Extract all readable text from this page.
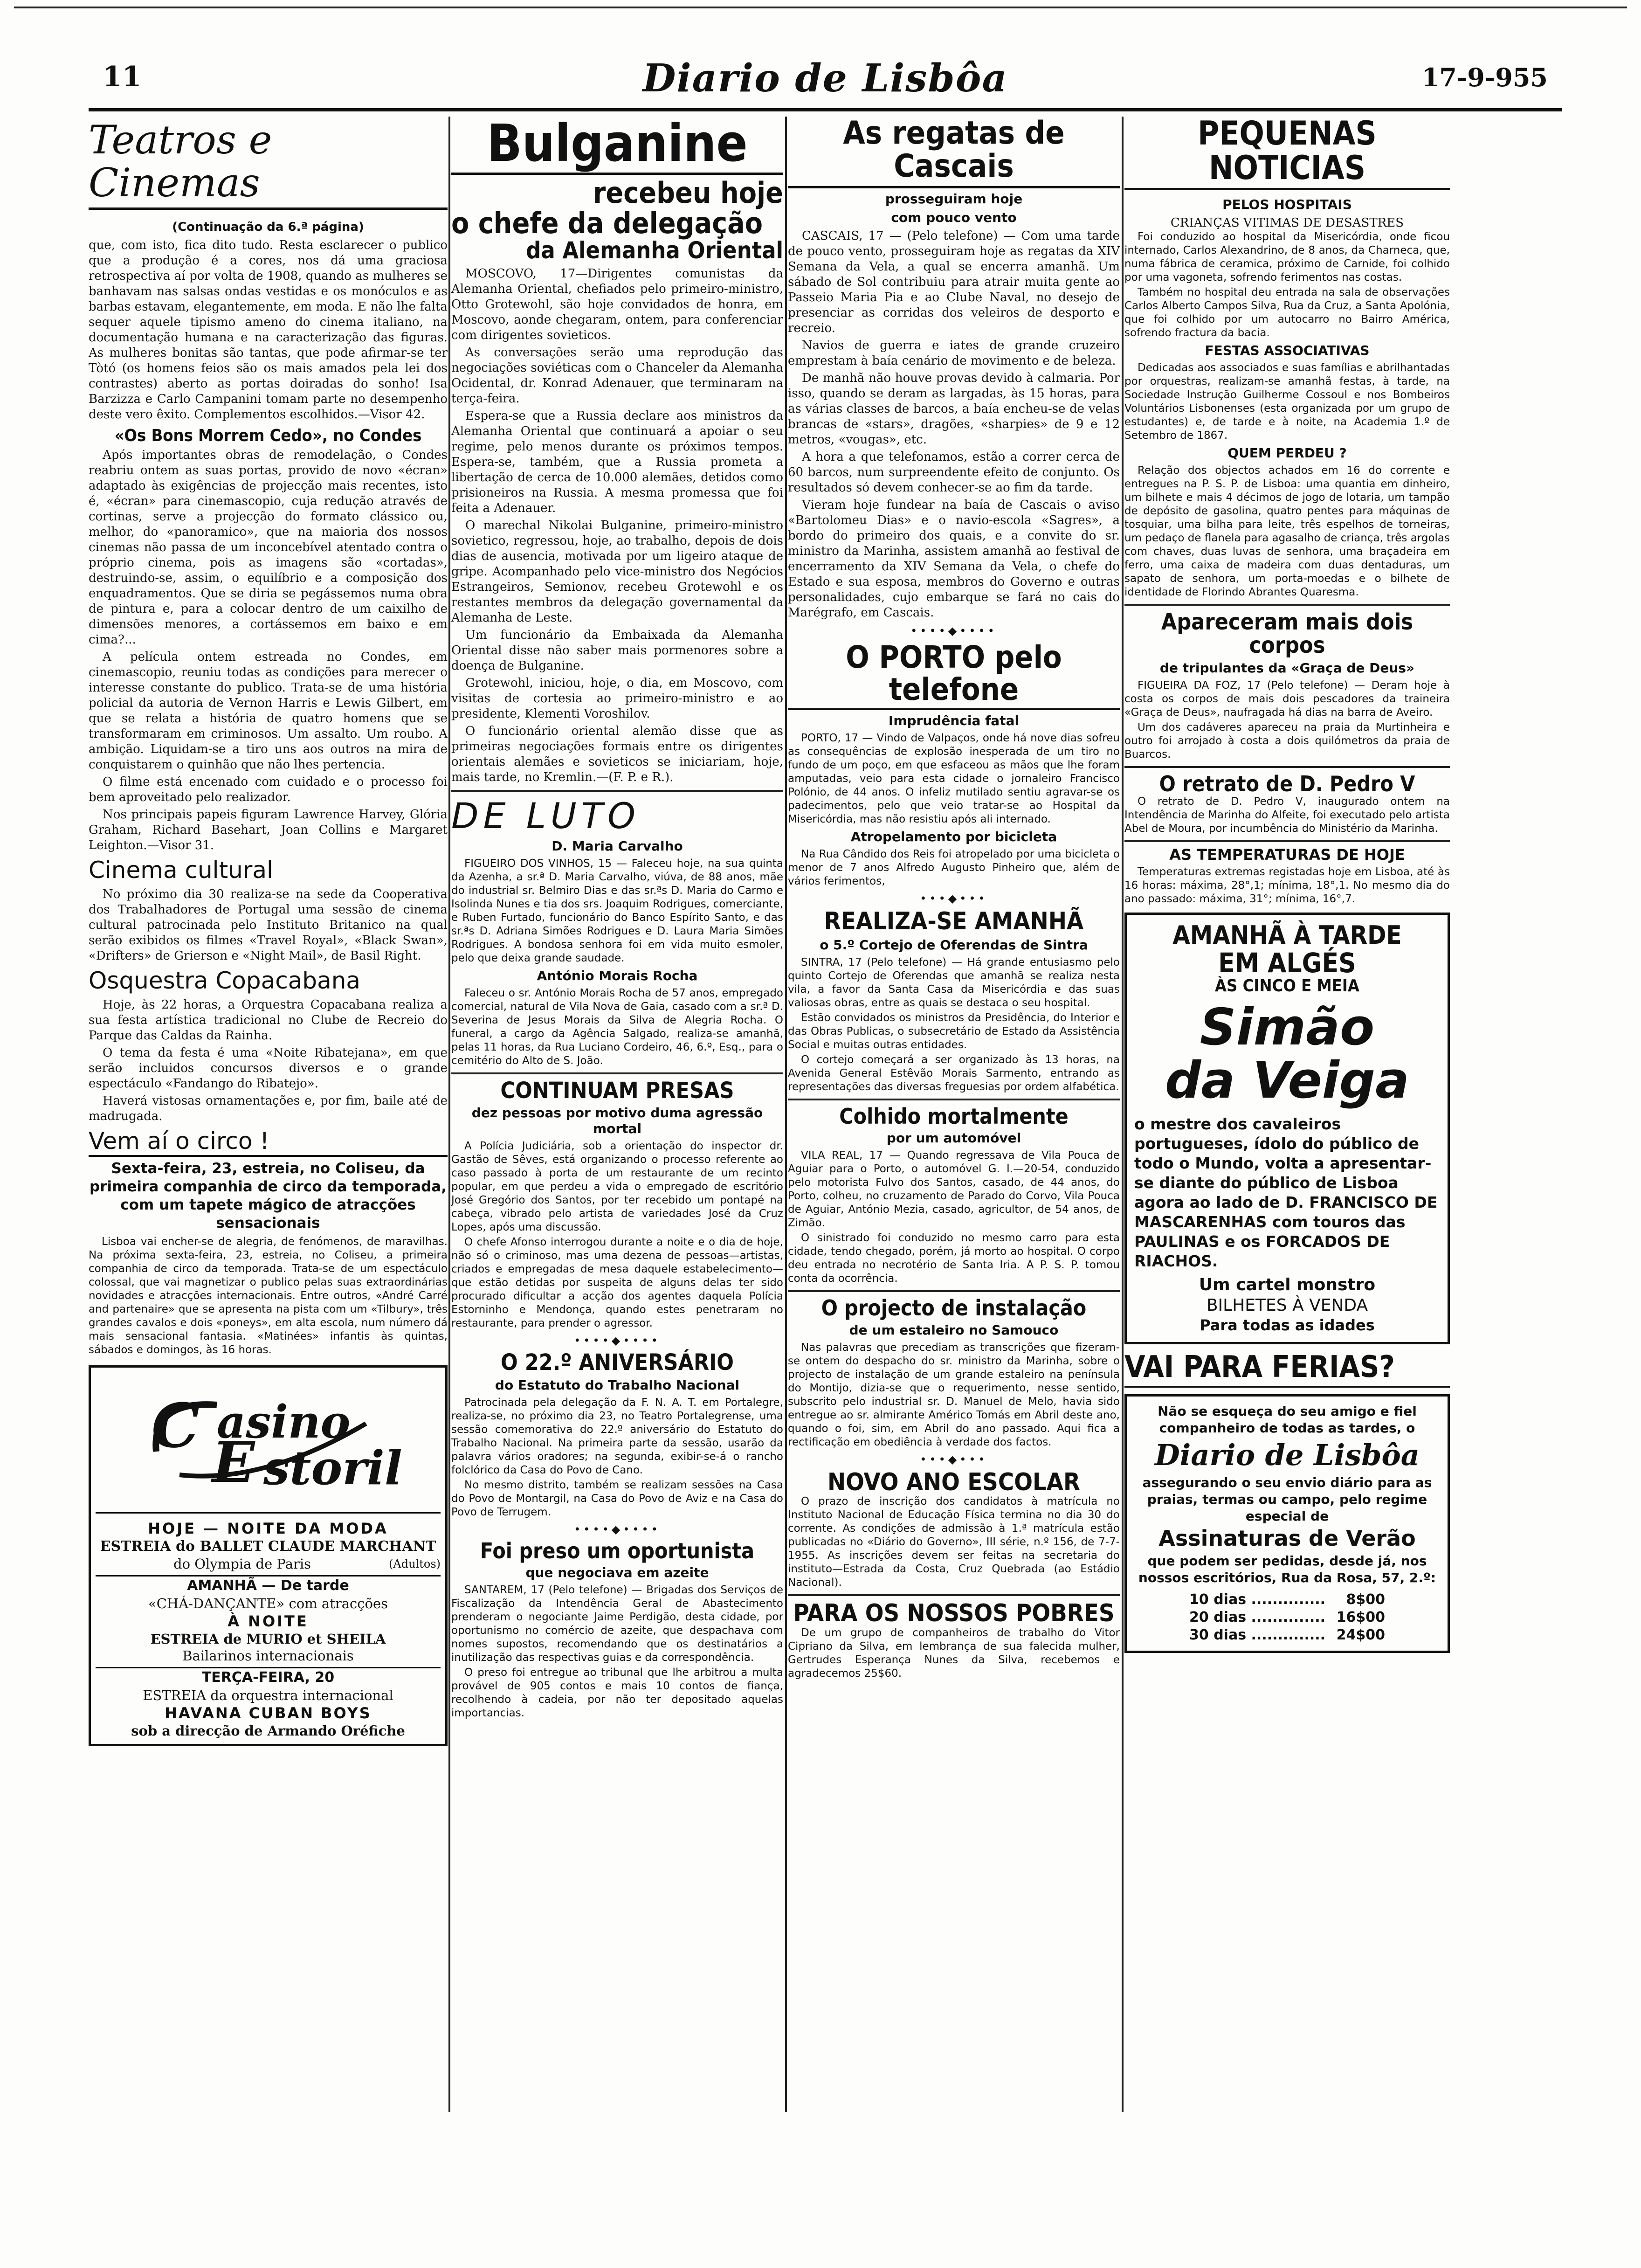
11	Diario de Lisbôa	17-9-955
Teatros e Cinemas
(Continuação da 6.ª página)

que, com isto, fica dito tudo. Resta esclarecer o publico que a produção é a cores, nos dá uma graciosa retrospectiva aí por volta de 1908, quando as mulheres se banhavam nas salsas ondas vestidas e os monóculos e as barbas estavam, elegantemente, em moda. E não lhe falta sequer aquele tipismo ameno do cinema italiano, na documentação humana e na caracterização das figuras. As mulheres bonitas são tantas, que pode afirmar-se ter Tòtó (os homens feios são os mais amados pela lei dos contrastes) aberto as portas doiradas do sonho! Isa Barzizza e Carlo Campanini tomam parte no desempenho deste vero êxito. Complementos escolhidos.—Visor 42.

«Os Bons Morrem Cedo», no Condes

Após importantes obras de remodelação, o Condes reabriu ontem as suas portas, provido de novo «écran» adaptado às exigências de projecção mais recentes, isto é, «écran» para cinemascopio, cuja redução através de cortinas, serve a projecção do formato clássico ou, melhor, do «panoramico», que na maioria dos nossos cinemas não passa de um inconcebível atentado contra o próprio cinema, pois as imagens são «cortadas», destruindo-se, assim, o equilíbrio e a composição dos enquadramentos. Que se diria se pegássemos numa obra de pintura e, para a colocar dentro de um caixilho de dimensões menores, a cortássemos em baixo e em cima?...

A película ontem estreada no Condes, em cinemascopio, reuniu todas as condições para merecer o interesse constante do publico. Trata-se de uma história policial da autoria de Vernon Harris e Lewis Gilbert, em que se relata a história de quatro homens que se transformaram em criminosos. Um assalto. Um roubo. A ambição. Liquidam-se a tiro uns aos outros na mira de conquistarem o quinhão que não lhes pertencia.

O filme está encenado com cuidado e o processo foi bem aproveitado pelo realizador.

Nos principais papeis figuram Lawrence Harvey, Glória Graham, Richard Basehart, Joan Collins e Margaret Leighton.—Visor 31.

Cinema cultural

No próximo dia 30 realiza-se na sede da Cooperativa dos Trabalhadores de Portugal uma sessão de cinema cultural patrocinada pelo Instituto Britanico na qual serão exibidos os filmes «Travel Royal», «Black Swan», «Drifters» de Grierson e «Night Mail», de Basil Right.

Osquestra Copacabana

Hoje, às 22 horas, a Orquestra Copacabana realiza a sua festa artística tradicional no Clube de Recreio do Parque das Caldas da Rainha.

O tema da festa é uma «Noite Ribatejana», em que serão incluidos concursos diversos e o grande espectáculo «Fandango do Ribatejo».

Haverá vistosas ornamentações e, por fim, baile até de madrugada.

Vem aí o circo !
Sexta-feira, 23, estreia, no Coliseu, da primeira companhia de circo da temporada, com um tapete mágico de atracções sensacionais

Lisboa vai encher-se de alegria, de fenómenos, de maravilhas. Na próxima sexta-feira, 23, estreia, no Coliseu, a primeira companhia de circo da temporada. Trata-se de um espectáculo colossal, que vai magnetizar o publico pelas suas extraordinárias novidades e atracções internacionais. Entre outros, «André Carré and partenaire» que se apresenta na pista com um «Tilbury», três grandes cavalos e dois «poneys», em alta escola, num número dá mais sensacional fantasia. «Matinées» infantis às quintas, sábados e domingos, às 16 horas.

asino
storil
E
C
HOJE — NOITE DA MODA
ESTREIA do BALLET CLAUDE MARCHANT
do Olympia de Paris	(Adultos)
AMANHÃ — De tarde
«CHÁ-DANÇANTE» com atracções
À NOITE
ESTREIA de MURIO et SHEILA
Bailarinos internacionais
TERÇA-FEIRA, 20
ESTREIA da orquestra internacional
HAVANA CUBAN BOYS
sob a direcção de Armando Oréfiche
Bulganine
recebeu hoje
o chefe da delegação
da Alemanha Oriental

MOSCOVO, 17—Dirigentes comunistas da Alemanha Oriental, chefiados pelo primeiro-ministro, Otto Grotewohl, são hoje convidados de honra, em Moscovo, aonde chegaram, ontem, para conferenciar com dirigentes sovieticos.

As conversações serão uma reprodução das negociações soviéticas com o Chanceler da Alemanha Ocidental, dr. Konrad Adenauer, que terminaram na terça-feira.

Espera-se que a Russia declare aos ministros da Alemanha Oriental que continuará a apoiar o seu regime, pelo menos durante os próximos tempos. Espera-se, também, que a Russia prometa a libertação de cerca de 10.000 alemães, detidos como prisioneiros na Russia. A mesma promessa que foi feita a Adenauer.

O marechal Nikolai Bulganine, primeiro-ministro sovietico, regressou, hoje, ao trabalho, depois de dois dias de ausencia, motivada por um ligeiro ataque de gripe. Acompanhado pelo vice-ministro dos Negócios Estrangeiros, Semionov, recebeu Grotewohl e os restantes membros da delegação governamental da Alemanha de Leste.

Um funcionário da Embaixada da Alemanha Oriental disse não saber mais pormenores sobre a doença de Bulganine.

Grotewohl, iniciou, hoje, o dia, em Moscovo, com visitas de cortesia ao primeiro-ministro e ao presidente, Klementi Voroshilov.

O funcionário oriental alemão disse que as primeiras negociações formais entre os dirigentes orientais alemães e sovieticos se iniciariam, hoje, mais tarde, no Kremlin.—(F. P. e R.).

DE LUTO
D. Maria Carvalho

FIGUEIRO DOS VINHOS, 15 — Faleceu hoje, na sua quinta da Azenha, a sr.ª D. Maria Carvalho, viúva, de 88 anos, mãe do industrial sr. Belmiro Dias e das sr.ªs D. Maria do Carmo e Isolinda Nunes e tia dos srs. Joaquim Rodrigues, comerciante, e Ruben Furtado, funcionário do Banco Espírito Santo, e das sr.ªs D. Adriana Simões Rodrigues e D. Laura Maria Simões Rodrigues. A bondosa senhora foi em vida muito esmoler, pelo que deixa grande saudade.

António Morais Rocha

Faleceu o sr. António Morais Rocha de 57 anos, empregado comercial, natural de Vila Nova de Gaia, casado com a sr.ª D. Severina de Jesus Morais da Silva de Alegria Rocha. O funeral, a cargo da Agência Salgado, realiza-se amanhã, pelas 11 horas, da Rua Luciano Cordeiro, 46, 6.º, Esq., para o cemitério do Alto de S. João.

CONTINUAM PRESAS
dez pessoas por motivo duma agressão mortal

A Polícia Judiciária, sob a orientação do inspector dr. Gastão de Sêves, está organizando o processo referente ao caso passado à porta de um restaurante de um recinto popular, em que perdeu a vida o empregado de escritório José Gregório dos Santos, por ter recebido um pontapé na cabeça, vibrado pelo artista de variedades José da Cruz Lopes, após uma discussão.

O chefe Afonso interrogou durante a noite e o dia de hoje, não só o criminoso, mas uma dezena de pessoas—artistas, criados e empregadas de mesa daquele estabelecimento—que estão detidas por suspeita de alguns delas ter sido procurado dificultar a acção dos agentes daquela Polícia Estorninho e Mendonça, quando estes penetraram no restaurante, para prender o agressor.

••••◆••••
O 22.º ANIVERSÁRIO
do Estatuto do Trabalho Nacional

Patrocinada pela delegação da F. N. A. T. em Portalegre, realiza-se, no próximo dia 23, no Teatro Portalegrense, uma sessão comemorativa do 22.º aniversário do Estatuto do Trabalho Nacional. Na primeira parte da sessão, usarão da palavra vários oradores; na segunda, exibir-se-á o rancho folclórico da Casa do Povo de Cano.

No mesmo distrito, também se realizam sessões na Casa do Povo de Montargil, na Casa do Povo de Aviz e na Casa do Povo de Terrugem.

••••◆••••
Foi preso um oportunista
que negociava em azeite

SANTAREM, 17 (Pelo telefone) — Brigadas dos Serviços de Fiscalização da Intendência Geral de Abastecimento prenderam o negociante Jaime Perdigão, desta cidade, por oportunismo no comércio de azeite, que despachava com nomes supostos, recomendando que os destinatários a inutilização das respectivas guias e da correspondência.

O preso foi entregue ao tribunal que lhe arbitrou a multa provável de 905 contos e mais 10 contos de fiança, recolhendo à cadeia, por não ter depositado aquelas importancias.

As regatas de Cascais
prosseguiram hoje
com pouco vento

CASCAIS, 17 — (Pelo telefone) — Com uma tarde de pouco vento, prosseguiram hoje as regatas da XIV Semana da Vela, a qual se encerra amanhã. Um sábado de Sol contribuiu para atrair muita gente ao Passeio Maria Pia e ao Clube Naval, no desejo de presenciar as corridas dos veleiros de desporto e recreio.

Navios de guerra e iates de grande cruzeiro emprestam à baía cenário de movimento e de beleza.

De manhã não houve provas devido à calmaria. Por isso, quando se deram as largadas, às 15 horas, para as várias classes de barcos, a baía encheu-se de velas brancas de «stars», dragões, «sharpies» de 9 e 12 metros, «vougas», etc.

A hora a que telefonamos, estão a correr cerca de 60 barcos, num surpreendente efeito de conjunto. Os resultados só devem conhecer-se ao fim da tarde.

Vieram hoje fundear na baía de Cascais o aviso «Bartolomeu Dias» e o navio-escola «Sagres», a bordo do primeiro dos quais, e a convite do sr. ministro da Marinha, assistem amanhã ao festival de encerramento da XIV Semana da Vela, o chefe do Estado e sua esposa, membros do Governo e outras personalidades, cujo embarque se fará no cais do Marégrafo, em Cascais.

••••◆••••
O PORTO pelo telefone
Imprudência fatal

PORTO, 17 — Vindo de Valpaços, onde há nove dias sofreu as consequências de explosão inesperada de um tiro no fundo de um poço, em que esfaceou as mãos que lhe foram amputadas, veio para esta cidade o jornaleiro Francisco Polónio, de 44 anos. O infeliz mutilado sentiu agravar-se os padecimentos, pelo que veio tratar-se ao Hospital da Misericórdia, mas não resistiu após ali internado.

Atropelamento por bicicleta

Na Rua Cândido dos Reis foi atropelado por uma bicicleta o menor de 7 anos Alfredo Augusto Pinheiro que, além de vários ferimentos,

•••◆•••
REALIZA-SE AMANHÃ
o 5.º Cortejo de Oferendas de Sintra

SINTRA, 17 (Pelo telefone) — Há grande entusiasmo pelo quinto Cortejo de Oferendas que amanhã se realiza nesta vila, a favor da Santa Casa da Misericórdia e das suas valiosas obras, entre as quais se destaca o seu hospital.

Estão convidados os ministros da Presidência, do Interior e das Obras Publicas, o subsecretário de Estado da Assistência Social e muitas outras entidades.

O cortejo começará a ser organizado às 13 horas, na Avenida General Estêvão Morais Sarmento, entrando as representações das diversas freguesias por ordem alfabética.

Colhido mortalmente
por um automóvel

VILA REAL, 17 — Quando regressava de Vila Pouca de Aguiar para o Porto, o automóvel G. I.—20-54, conduzido pelo motorista Fulvo dos Santos, casado, de 44 anos, do Porto, colheu, no cruzamento de Parado do Corvo, Vila Pouca de Aguiar, António Mezia, casado, agricultor, de 54 anos, de Zimão.

O sinistrado foi conduzido no mesmo carro para esta cidade, tendo chegado, porém, já morto ao hospital. O corpo deu entrada no necrotério de Santa Iria. A P. S. P. tomou conta da ocorrência.

O projecto de instalação
de um estaleiro no Samouco

Nas palavras que precediam as transcrições que fizeram-se ontem do despacho do sr. ministro da Marinha, sobre o projecto de instalação de um grande estaleiro na península do Montijo, dizia-se que o requerimento, nesse sentido, subscrito pelo industrial sr. D. Manuel de Melo, havia sido entregue ao sr. almirante Américo Tomás em Abril deste ano, quando o foi, sim, em Abril do ano passado. Aqui fica a rectificação em obediência à verdade dos factos.

•••◆•••
NOVO ANO ESCOLAR

O prazo de inscrição dos candidatos à matrícula no Instituto Nacional de Educação Física termina no dia 30 do corrente. As condições de admissão à 1.ª matrícula estão publicadas no «Diário do Governo», III série, n.º 156, de 7-7-1955. As inscrições devem ser feitas na secretaria do instituto—Estrada da Costa, Cruz Quebrada (ao Estádio Nacional).

PARA OS NOSSOS POBRES

De um grupo de companheiros de trabalho do Vitor Cipriano da Silva, em lembrança de sua falecida mulher, Gertrudes Esperança Nunes da Silva, recebemos e agradecemos 25$60.

PEQUENAS NOTICIAS
PELOS HOSPITAIS
CRIANÇAS VITIMAS DE DESASTRES

Foi conduzido ao hospital da Misericórdia, onde ficou internado, Carlos Alexandrino, de 8 anos, da Charneca, que, numa fábrica de ceramica, próximo de Carnide, foi colhido por uma vagoneta, sofrendo ferimentos nas costas.

Também no hospital deu entrada na sala de observações Carlos Alberto Campos Silva, Rua da Cruz, a Santa Apolónia, que foi colhido por um autocarro no Bairro América, sofrendo fractura da bacia.

FESTAS ASSOCIATIVAS

Dedicadas aos associados e suas famílias e abrilhantadas por orquestras, realizam-se amanhã festas, à tarde, na Sociedade Instrução Guilherme Cossoul e nos Bombeiros Voluntários Lisbonenses (esta organizada por um grupo de estudantes) e, de tarde e à noite, na Academia 1.º de Setembro de 1867.

QUEM PERDEU ?

Relação dos objectos achados em 16 do corrente e entregues na P. S. P. de Lisboa: uma quantia em dinheiro, um bilhete e mais 4 décimos de jogo de lotaria, um tampão de depósito de gasolina, quatro pentes para máquinas de tosquiar, uma bilha para leite, três espelhos de torneiras, um pedaço de flanela para agasalho de criança, três argolas com chaves, duas luvas de senhora, uma braçadeira em ferro, uma caixa de madeira com duas dentaduras, um sapato de senhora, um porta-moedas e o bilhete de identidade de Florindo Abrantes Quaresma.

Apareceram mais dois corpos
de tripulantes da «Graça de Deus»

FIGUEIRA DA FOZ, 17 (Pelo telefone) — Deram hoje à costa os corpos de mais dois pescadores da traineira «Graça de Deus», naufragada há dias na barra de Aveiro.

Um dos cadáveres apareceu na praia da Murtinheira e outro foi arrojado à costa a dois quilómetros da praia de Buarcos.

O retrato de D. Pedro V

O retrato de D. Pedro V, inaugurado ontem na Intendência de Marinha do Alfeite, foi executado pelo artista Abel de Moura, por incumbência do Ministério da Marinha.

AS TEMPERATURAS DE HOJE

Temperaturas extremas registadas hoje em Lisboa, até às 16 horas: máxima, 28°,1; mínima, 18°,1. No mesmo dia do ano passado: máxima, 31°; mínima, 16°,7.

AMANHÃ À TARDE
EM ALGÉS
ÀS CINCO E MEIA
Simão
da Veiga
o mestre dos cavaleiros portugueses, ídolo do público de todo o Mundo, volta a apresentar-se diante do público de Lisboa agora ao lado de D. FRANCISCO DE MASCARENHAS com touros das PAULINAS e os FORCADOS DE RIACHOS.
Um cartel monstro
BILHETES À VENDA
Para todas as idades
VAI PARA FERIAS?
Não se esqueça do seu amigo e fiel companheiro de todas as tardes, o
Diario de Lisbôa
assegurando o seu envio diário para as praias, termas ou campo, pelo regime especial de
Assinaturas de Verão
que podem ser pedidas, desde já, nos nossos escritórios, Rua da Rosa, 57, 2.º:
10 dias .............. 8$00
20 dias .............. 16$00
30 dias .............. 24$00
